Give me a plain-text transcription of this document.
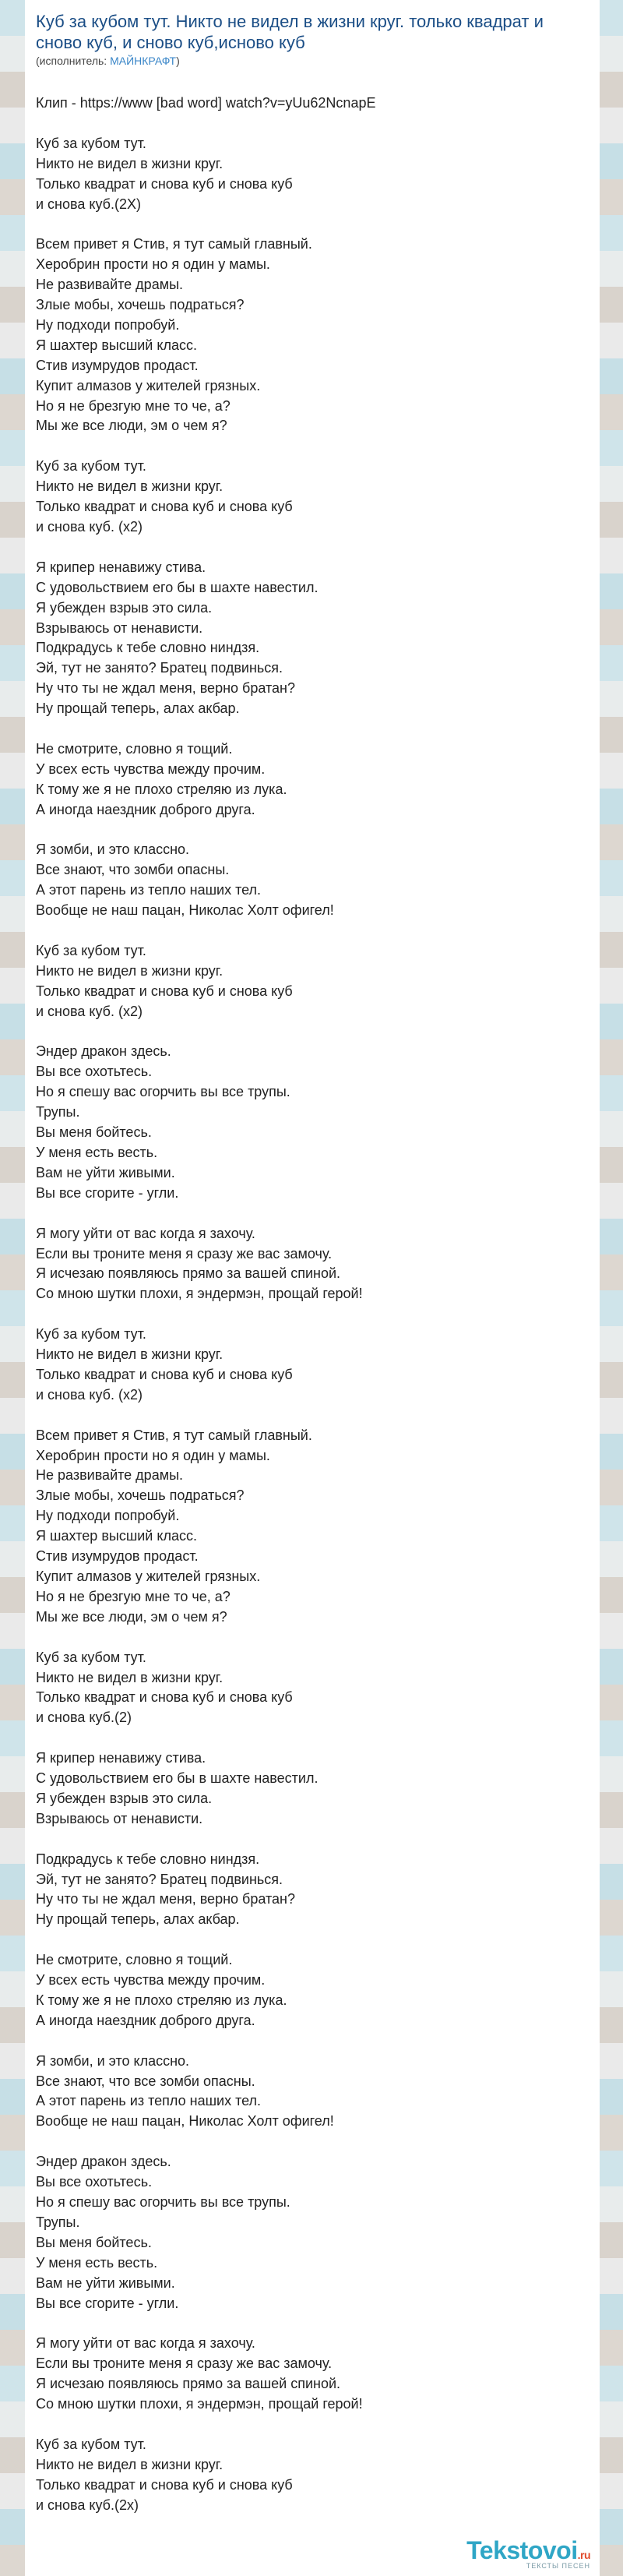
Куб за кубом тут. Никто не видел в жизни круг. только квадрат и сново куб, и сново куб,исново куб
(исполнитель: МАЙНКРАФТ)
Клип - https://www [bad word] watch?v=yUu62NcnapE
Куб за кубом тут.
Никто не видел в жизни круг.
Только квадрат и снова куб и снова куб
и снова куб.(2Х)
Всем привет я Стив, я тут самый главный.
Херобрин прости но я один у мамы.
Не развивайте драмы.
Злые мобы, хочешь подраться?
Ну подходи попробуй.
Я шахтер высший класс.
Стив изумрудов продаст.
Купит алмазов у жителей грязных.
Но я не брезгую мне то че, а?
Мы же все люди, эм о чем я?
Куб за кубом тут.
Никто не видел в жизни круг.
Только квадрат и снова куб и снова куб
и снова куб. (x2)
Я крипер ненавижу стива.
С удовольствием его бы в шахте навестил.
Я убежден взрыв это сила.
Взрываюсь от ненависти.
Подкрадусь к тебе словно ниндзя.
Эй, тут не занято? Братец подвинься.
Ну что ты не ждал меня, верно братан?
Ну прощай теперь, алах акбар.
Не смотрите, словно я тощий.
У всех есть чувства между прочим.
К тому же я не плохо стреляю из лука.
А иногда наездник доброго друга.
Я зомби, и это классно.
Все знают, что зомби опасны.
А этот парень из тепло наших тел.
Вообще не наш пацан, Николас Холт офигел!
Куб за кубом тут.
Никто не видел в жизни круг.
Только квадрат и снова куб и снова куб
и снова куб. (x2)
Эндер дракон здесь.
Вы все охотьтесь.
Но я спешу вас огорчить вы все трупы.
Трупы.
Вы меня бойтесь.
У меня есть весть.
Вам не уйти живыми.
Вы все сгорите - угли.
Я могу уйти от вас когда я захочу.
Если вы троните меня я сразу же вас замочу.
Я исчезаю появляюсь прямо за вашей спиной.
Со мною шутки плохи, я эндермэн, прощай герой!
Куб за кубом тут.
Никто не видел в жизни круг.
Только квадрат и снова куб и снова куб
и снова куб. (x2)
Всем привет я Стив, я тут самый главный.
Херобрин прости но я один у мамы.
Не развивайте драмы.
Злые мобы, хочешь подраться?
Ну подходи попробуй.
Я шахтер высший класс.
Стив изумрудов продаст.
Купит алмазов у жителей грязных.
Но я не брезгую мне то че, а?
Мы же все люди, эм о чем я?
Куб за кубом тут.
Никто не видел в жизни круг.
Только квадрат и снова куб и снова куб
и снова куб.(2)
Я крипер ненавижу стива.
С удовольствием его бы в шахте навестил.
Я убежден взрыв это сила.
Взрываюсь от ненависти.
Подкрадусь к тебе словно ниндзя.
Эй, тут не занято? Братец подвинься.
Ну что ты не ждал меня, верно братан?
Ну прощай теперь, алах акбар.
Не смотрите, словно я тощий.
У всех есть чувства между прочим.
К тому же я не плохо стреляю из лука.
А иногда наездник доброго друга.
Я зомби, и это классно.
Все знают, что все зомби опасны.
А этот парень из тепло наших тел.
Вообще не наш пацан, Николас Холт офигел!
Эндер дракон здесь.
Вы все охотьтесь.
Но я спешу вас огорчить вы все трупы.
Трупы.
Вы меня бойтесь.
У меня есть весть.
Вам не уйти живыми.
Вы все сгорите - угли.
Я могу уйти от вас когда я захочу.
Если вы троните меня я сразу же вас замочу.
Я исчезаю появляюсь прямо за вашей спиной.
Со мною шутки плохи, я эндермэн, прощай герой!
Куб за кубом тут.
Никто не видел в жизни круг.
Только квадрат и снова куб и снова куб
и снова куб.(2х)
Tekstovoi.ru
ТЕКСТЫ ПЕСЕН
